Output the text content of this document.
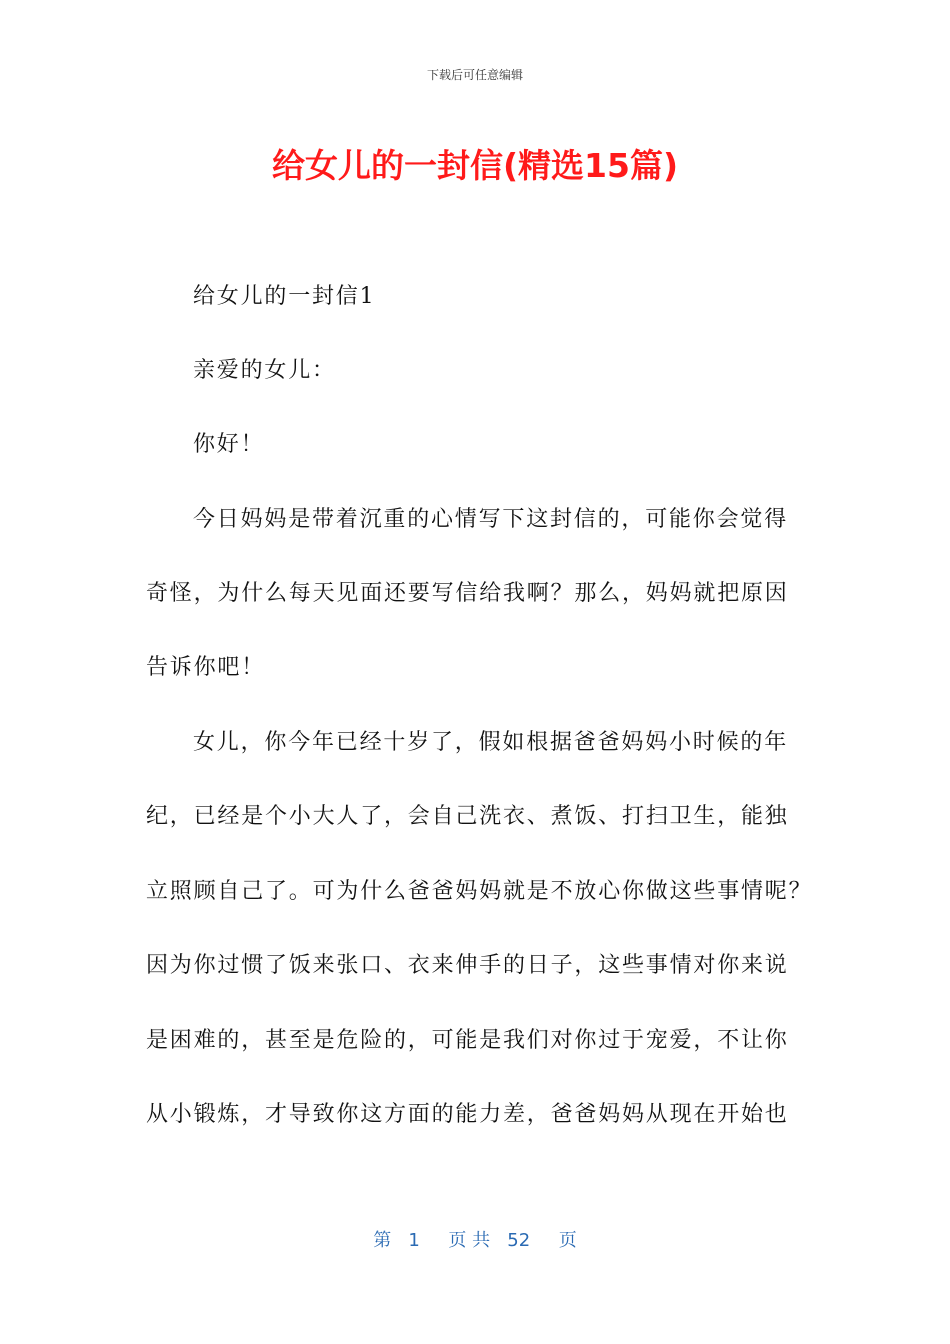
下载后可任意编辑
给女儿的一封信(精选15篇)
给女儿的一封信1
亲爱的女儿：
你好！
今日妈妈是带着沉重的心情写下这封信的，可能你会觉得
奇怪，为什么每天见面还要写信给我啊？那么，妈妈就把原因
告诉你吧！
女儿，你今年已经十岁了，假如根据爸爸妈妈小时候的年
纪，已经是个小大人了，会自己洗衣、煮饭、打扫卫生，能独
立照顾自己了。可为什么爸爸妈妈就是不放心你做这些事情呢？
因为你过惯了饭来张口、衣来伸手的日子，这些事情对你来说
是困难的，甚至是危险的，可能是我们对你过于宠爱，不让你
从小锻炼，才导致你这方面的能力差，爸爸妈妈从现在开始也
第   1     页 共   52     页
